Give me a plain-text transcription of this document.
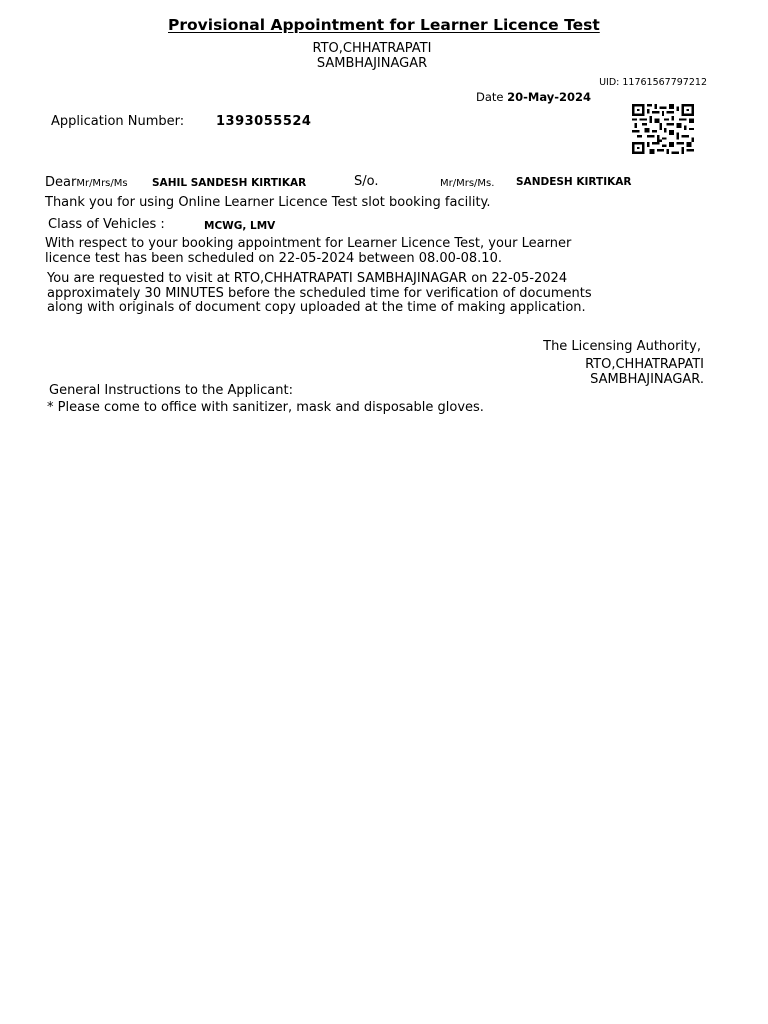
Provisional Appointment for Learner Licence Test
RTO,CHHATRAPATI
SAMBHAJINAGAR
UID: 11761567797212
Date 20-May-2024
Application Number: 1393055524
DearMr/Mrs/Ms SAHIL SANDESH KIRTIKAR	S/o.	Mr/Mrs/Ms. SANDESH KIRTIKAR
Thank you for using Online Learner Licence Test slot booking facility.
Class of Vehicles :	MCWG, LMV
With respect to your booking appointment for Learner Licence Test, your Learner
licence test has been scheduled on 22-05-2024 between 08.00-08.10.
You are requested to visit at RTO,CHHATRAPATI SAMBHAJINAGAR on 22-05-2024
approximately 30 MINUTES before the scheduled time for verification of documents
along with originals of document copy uploaded at the time of making application.
The Licensing Authority,
RTO,CHHATRAPATI
SAMBHAJINAGAR.
General Instructions to the Applicant:
* Please come to office with sanitizer, mask and disposable gloves.
